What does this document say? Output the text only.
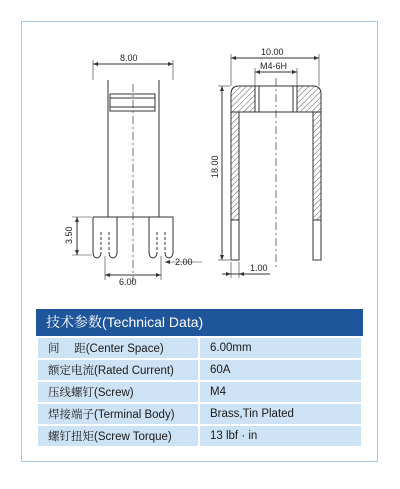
8.00
3.50
6.00
2.00
10.00
M4-6H
18.00
1.00
技术参数(Technical Data)
间　 距(Center Space)	6.00mm
额定电流(Rated Current)	60A
压线螺钉(Screw)	M4
焊接端子(Terminal Body)	Brass,Tin Plated
螺钉扭矩(Screw Torque)	13 lbf · in
